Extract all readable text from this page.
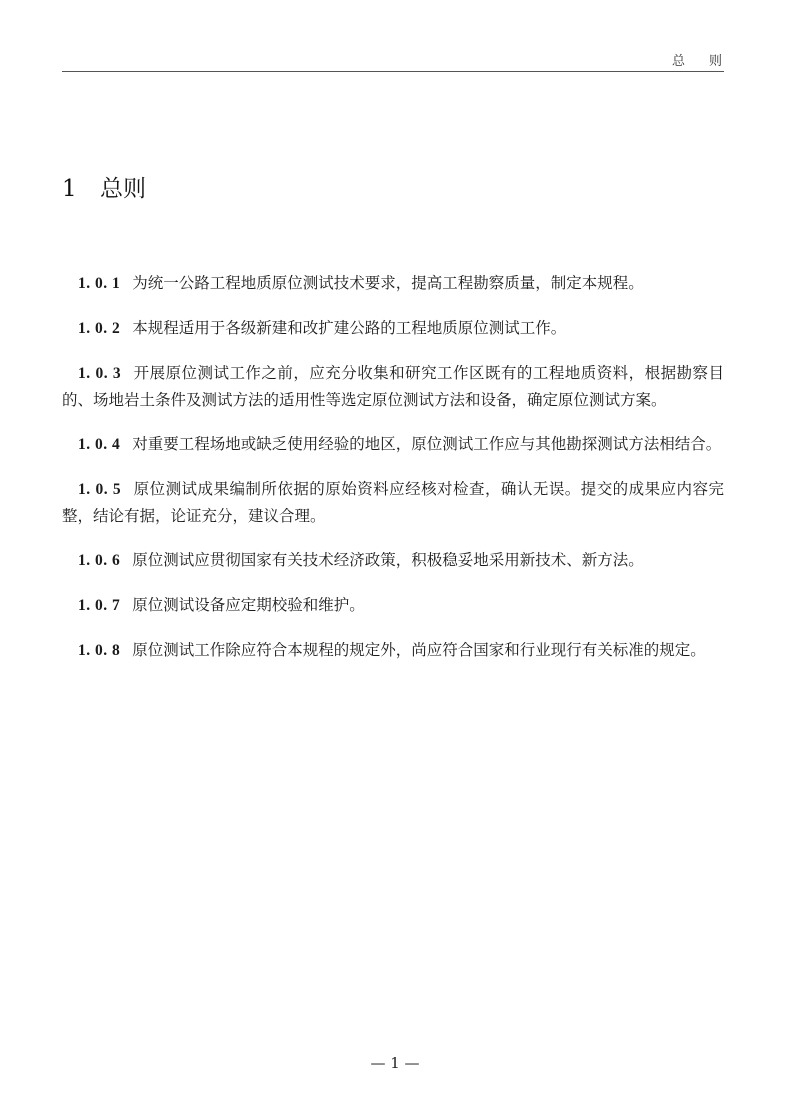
总则
1 总则

1. 0. 1 为统一公路工程地质原位测试技术要求，提高工程勘察质量，制定本规程。

1. 0. 2 本规程适用于各级新建和改扩建公路的工程地质原位测试工作。

1. 0. 3 开展原位测试工作之前，应充分收集和研究工作区既有的工程地质资料，根据勘察目的、场地岩土条件及测试方法的适用性等选定原位测试方法和设备，确定原位测试方案。

1. 0. 4 对重要工程场地或缺乏使用经验的地区，原位测试工作应与其他勘探测试方法相结合。

1. 0. 5 原位测试成果编制所依据的原始资料应经核对检查，确认无误。提交的成果应内容完整，结论有据，论证充分，建议合理。

1. 0. 6 原位测试应贯彻国家有关技术经济政策，积极稳妥地采用新技术、新方法。

1. 0. 7 原位测试设备应定期校验和维护。

1. 0. 8 原位测试工作除应符合本规程的规定外，尚应符合国家和行业现行有关标准的规定。

— 1 —
